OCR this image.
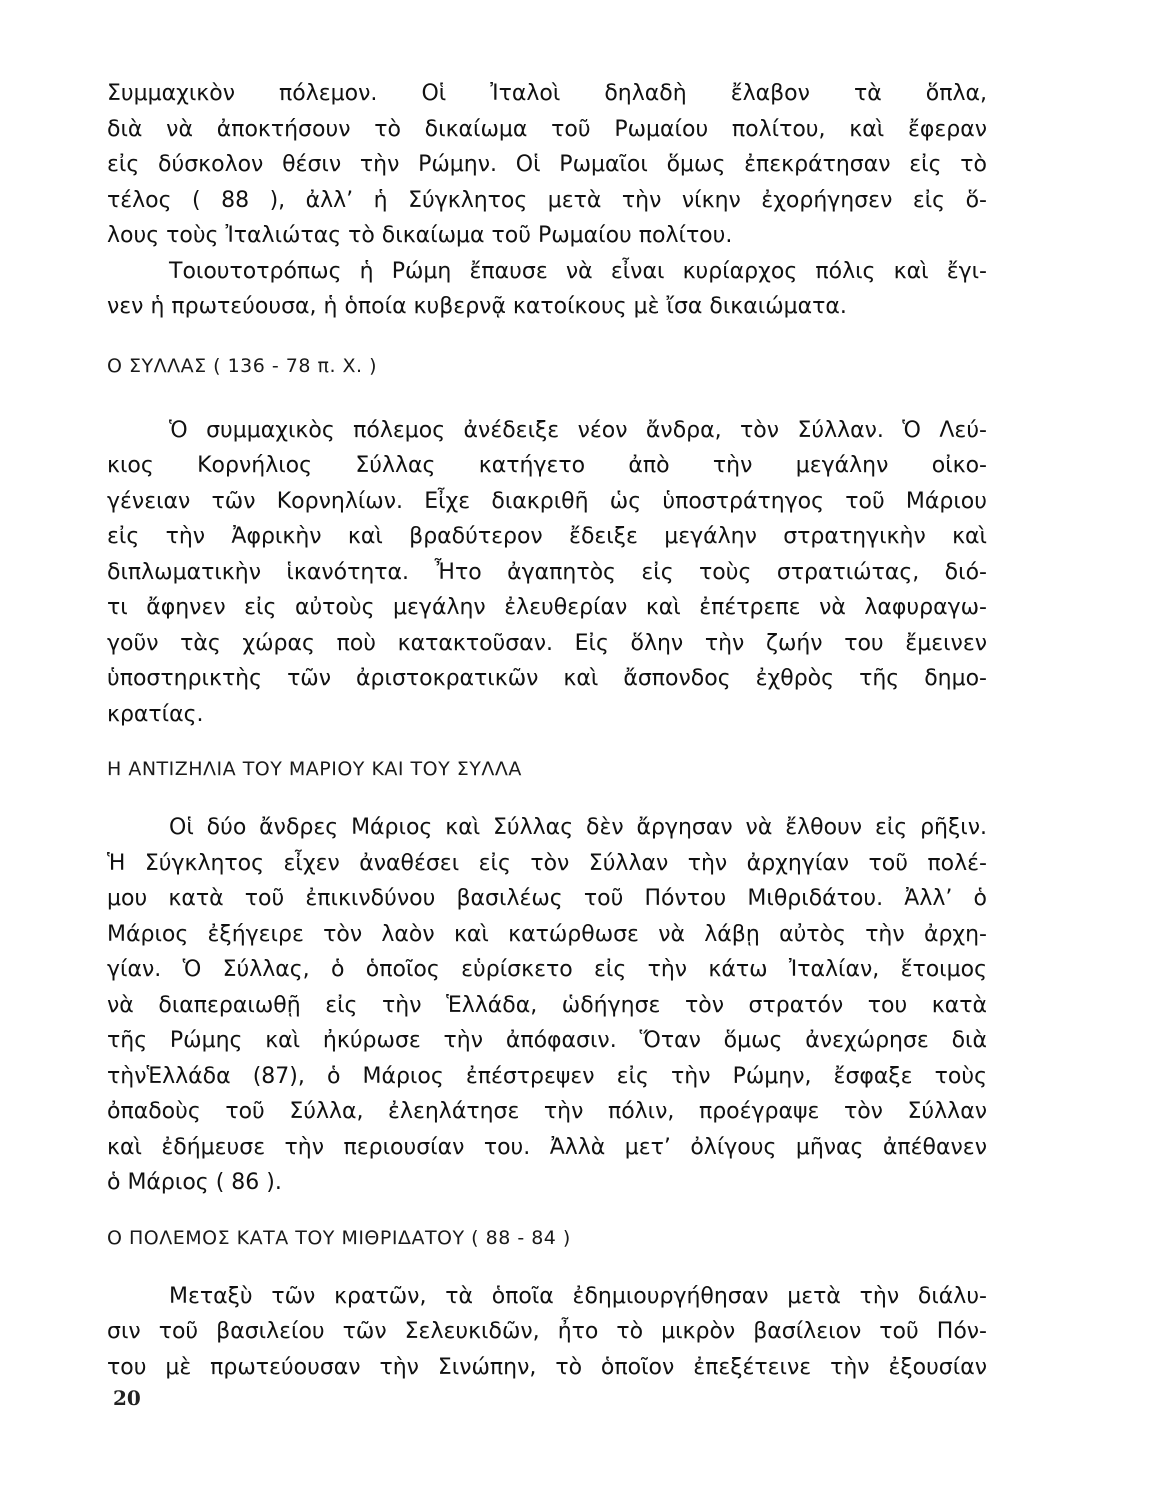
Συμμαχικὸν πόλεμον. Οἱ Ἰταλοὶ δηλαδὴ ἔλαβον τὰ ὅπλα,
διὰ νὰ ἀποκτήσουν τὸ δικαίωμα τοῦ Ρωμαίου πολίτου, καὶ ἔφεραν
εἰς δύσκολον θέσιν τὴν Ρώμην. Οἱ Ρωμαῖοι ὅμως ἐπεκράτησαν εἰς τὸ
τέλος ( 88 ), ἀλλ’ ἡ Σύγκλητος μετὰ τὴν νίκην ἐχορήγησεν εἰς ὅ-
λους τοὺς Ἰταλιώτας τὸ δικαίωμα τοῦ Ρωμαίου πολίτου.
Τοιουτοτρόπως ἡ Ρώμη ἔπαυσε νὰ εἶναι κυρίαρχος πόλις καὶ ἔγι-
νεν ἡ πρωτεύουσα, ἡ ὁποία κυβερνᾷ κατοίκους μὲ ἴσα δικαιώματα.
Ο ΣΥΛΛΑΣ ( 136 - 78 π. Χ. )
Ὁ συμμαχικὸς πόλεμος ἀνέδειξε νέον ἄνδρα, τὸν Σύλλαν. Ὁ Λεύ-
κιος Κορνήλιος Σύλλας κατήγετο ἀπὸ τὴν μεγάλην οἰκο-
γένειαν τῶν Κορνηλίων. Εἶχε διακριθῆ ὡς ὑποστράτηγος τοῦ Μάριου
εἰς τὴν Ἀφρικὴν καὶ βραδύτερον ἔδειξε μεγάλην στρατηγικὴν καὶ
διπλωματικὴν ἱκανότητα. Ἦτο ἀγαπητὸς εἰς τοὺς στρατιώτας, διό-
τι ἄφηνεν εἰς αὐτοὺς μεγάλην ἐλευθερίαν καὶ ἐπέτρεπε νὰ λαφυραγω-
γοῦν τὰς χώρας ποὺ κατακτοῦσαν. Εἰς ὅλην τὴν ζωήν του ἔμεινεν
ὑποστηρικτὴς τῶν ἀριστοκρατικῶν καὶ ἄσπονδος ἐχθρὸς τῆς δημο-
κρατίας.
Η ΑΝΤΙΖΗΛΙΑ ΤΟΥ ΜΑΡΙΟΥ ΚΑΙ ΤΟΥ ΣΥΛΛΑ
Οἱ δύο ἄνδρες Μάριος καὶ Σύλλας δὲν ἄργησαν νὰ ἔλθουν εἰς ρῆξιν.
Ἡ Σύγκλητος εἶχεν ἀναθέσει εἰς τὸν Σύλλαν τὴν ἀρχηγίαν τοῦ πολέ-
μου κατὰ τοῦ ἐπικινδύνου βασιλέως τοῦ Πόντου Μιθριδάτου. Ἀλλ’ ὁ
Μάριος ἐξήγειρε τὸν λαὸν καὶ κατώρθωσε νὰ λάβῃ αὐτὸς τὴν ἀρχη-
γίαν. Ὁ Σύλλας, ὁ ὁποῖος εὑρίσκετο εἰς τὴν κάτω Ἰταλίαν, ἕτοιμος
νὰ διαπεραιωθῇ εἰς τὴν Ἑλλάδα, ὡδήγησε τὸν στρατόν του κατὰ
τῆς Ρώμης καὶ ἠκύρωσε τὴν ἀπόφασιν. Ὅταν ὅμως ἀνεχώρησε διὰ
τὴνἙλλάδα (87), ὁ Μάριος ἐπέστρεψεν εἰς τὴν Ρώμην, ἔσφαξε τοὺς
ὀπαδοὺς τοῦ Σύλλα, ἐλεηλάτησε τὴν πόλιν, προέγραψε τὸν Σύλλαν
καὶ ἐδήμευσε τὴν περιουσίαν του. Ἀλλὰ μετ’ ὀλίγους μῆνας ἀπέθανεν
ὁ Μάριος ( 86 ).
Ο ΠΟΛΕΜΟΣ ΚΑΤΑ ΤΟΥ ΜΙΘΡΙΔΑΤΟΥ ( 88 - 84 )
Μεταξὺ τῶν κρατῶν, τὰ ὁποῖα ἐδημιουργήθησαν μετὰ τὴν διάλυ-
σιν τοῦ βασιλείου τῶν Σελευκιδῶν, ἦτο τὸ μικρὸν βασίλειον τοῦ Πόν-
του μὲ πρωτεύουσαν τὴν Σινώπην, τὸ ὁποῖον ἐπεξέτεινε τὴν ἐξουσίαν
20
